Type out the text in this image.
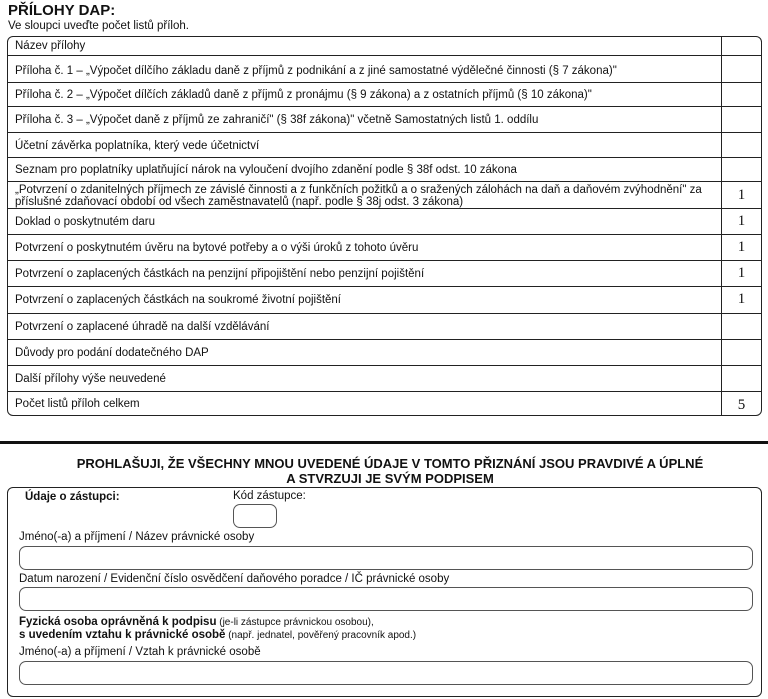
PŘÍLOHY DAP:
Ve sloupci uveďte počet listů příloh.
Název přílohy
Příloha č. 1 – „Výpočet dílčího základu daně z příjmů z podnikání a z jiné samostatné výdělečné činnosti (§ 7 zákona)"
Příloha č. 2 – „Výpočet dílčích základů daně z příjmů z pronájmu (§ 9 zákona) a z ostatních příjmů (§ 10 zákona)"
Příloha č. 3 – „Výpočet daně z příjmů ze zahraničí" (§ 38f zákona)" včetně Samostatných listů 1. oddílu
Účetní závěrka poplatníka, který vede účetnictví
Seznam pro poplatníky uplatňující nárok na vyloučení dvojího zdanění podle § 38f odst. 10 zákona
„Potvrzení o zdanitelných příjmech ze závislé činnosti a z funkčních požitků a o sražených zálohách na daň a daňovém zvýhodnění" za příslušné zdaňovací období od všech zaměstnavatelů (např. podle § 38j odst. 3 zákona)	1
Doklad o poskytnutém daru	1
Potvrzení o poskytnutém úvěru na bytové potřeby a o výši úroků z tohoto úvěru	1
Potvrzení o zaplacených částkách na penzijní připojištění nebo penzijní pojištění	1
Potvrzení o zaplacených částkách na soukromé životní pojištění	1
Potvrzení o zaplacené úhradě na další vzdělávání
Důvody pro podání dodatečného DAP
Další přílohy výše neuvedené
Počet listů příloh celkem	5
PROHLAŠUJI, ŽE VŠECHNY MNOU UVEDENÉ ÚDAJE V TOMTO PŘIZNÁNÍ JSOU PRAVDIVÉ A ÚPLNÉ
A STVRZUJI JE SVÝM PODPISEM
Údaje o zástupci:	Kód zástupce:
Jméno(-a) a příjmení / Název právnické osoby
Datum narození / Evidenční číslo osvědčení daňového poradce / IČ právnické osoby
Fyzická osoba oprávněná k podpisu (je-li zástupce právnickou osobou),
s uvedením vztahu k právnické osobě (např. jednatel, pověřený pracovník apod.)
Jméno(-a) a příjmení / Vztah k právnické osobě
